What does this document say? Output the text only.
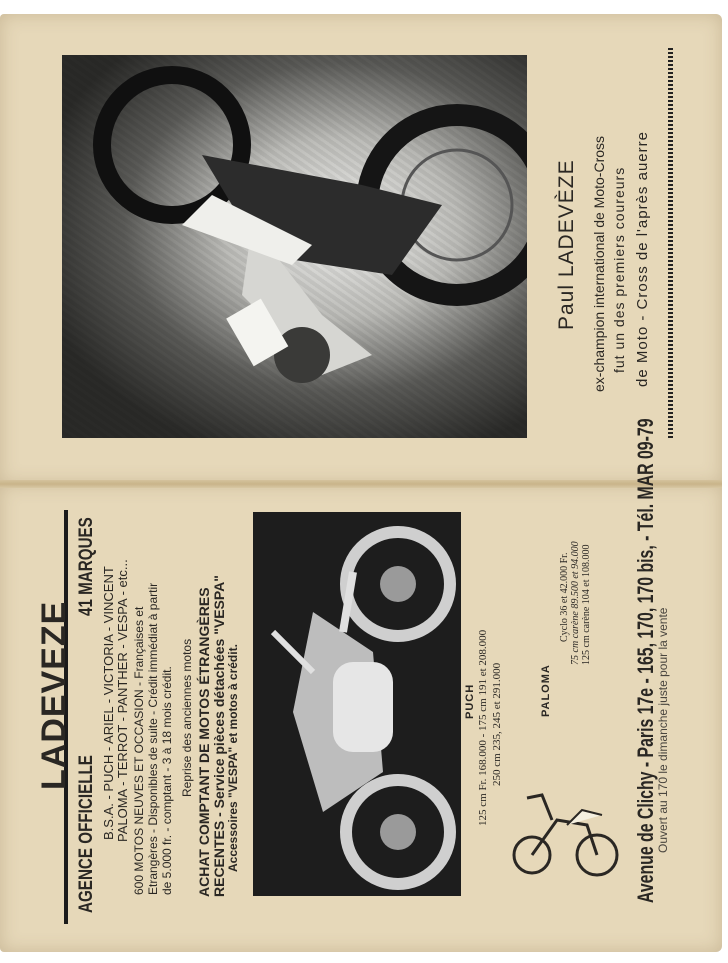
Paul LADEVÈZE ex-champion international de Moto-Cross fut un des premiers coureurs de Moto - Cross de l'après auerre
LADEVEZE
AGENCE OFFICIELLE
41 MARQUES B.S.A. - PUCH - ARIEL - VICTORIA - VINCENT PALOMA - TERROT - PANTHER - VESPA - etc... 600 MOTOS NEUVES ET OCCASION - Françaises et Etrangères - Disponibles de suite - Crédit immédiat à partir de 5.000 fr. - comptant - 3 à 18 mois crédit. Reprise des anciennes motos ACHAT COMPTANT DE MOTOS ÉTRANGÈRES RECENTES - Service pièces détachées "VESPA" Accessoires "VESPA" et motos à crédit.	PUCH 125 cm Fr. 168.000 - 175 cm 191 et 208.000 250 cm 235, 245 et 291.000	PALOMA
Cyclo 36 et 42.000 Fr. 75 cm carène 89.500 et 94.000 125 cm carène 104 et 108.000 Avenue de Clichy - Paris 17e - 165, 170, 170 bis, - Tél. MAR 09-79
Ouvert au 170 le dimanche juste pour la vente
